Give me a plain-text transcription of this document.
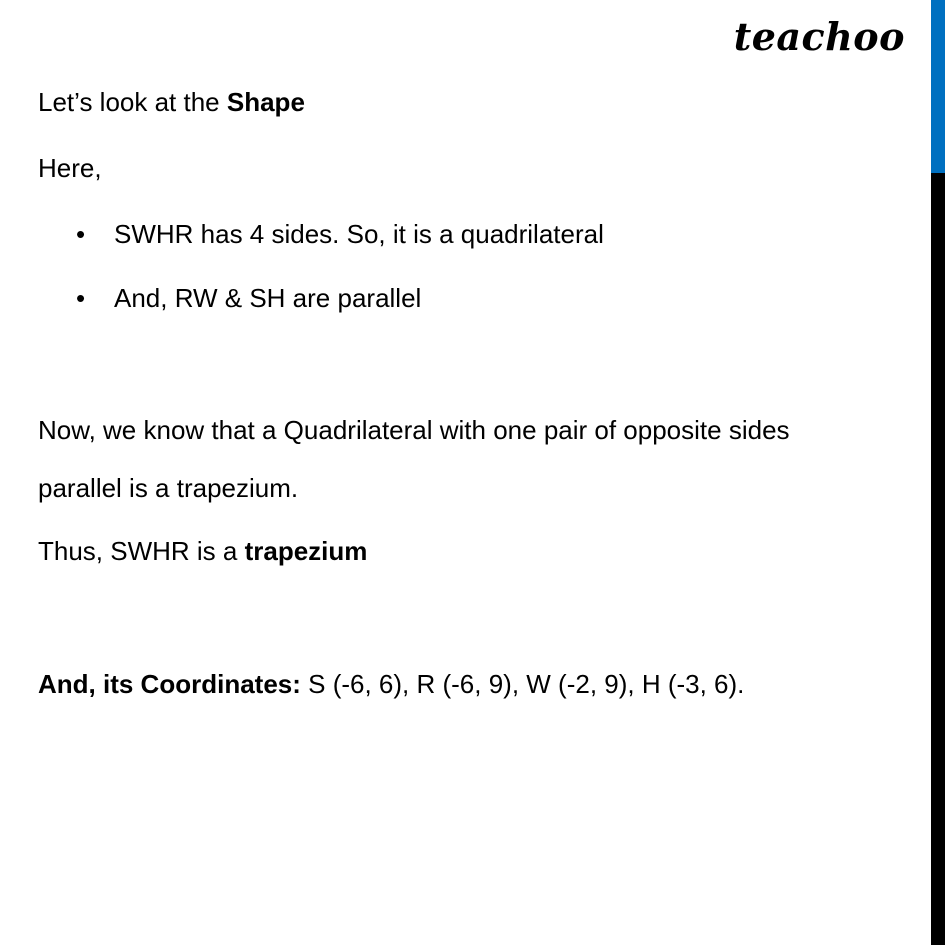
teachoo
Let’s look at the Shape
Here,
• SWHR has 4 sides. So, it is a quadrilateral
• And, RW & SH are parallel
Now, we know that a Quadrilateral with one pair of opposite sides
parallel is a trapezium.
Thus, SWHR is a trapezium
And, its Coordinates: S (-6, 6), R (-6, 9), W (-2, 9), H (-3, 6).
